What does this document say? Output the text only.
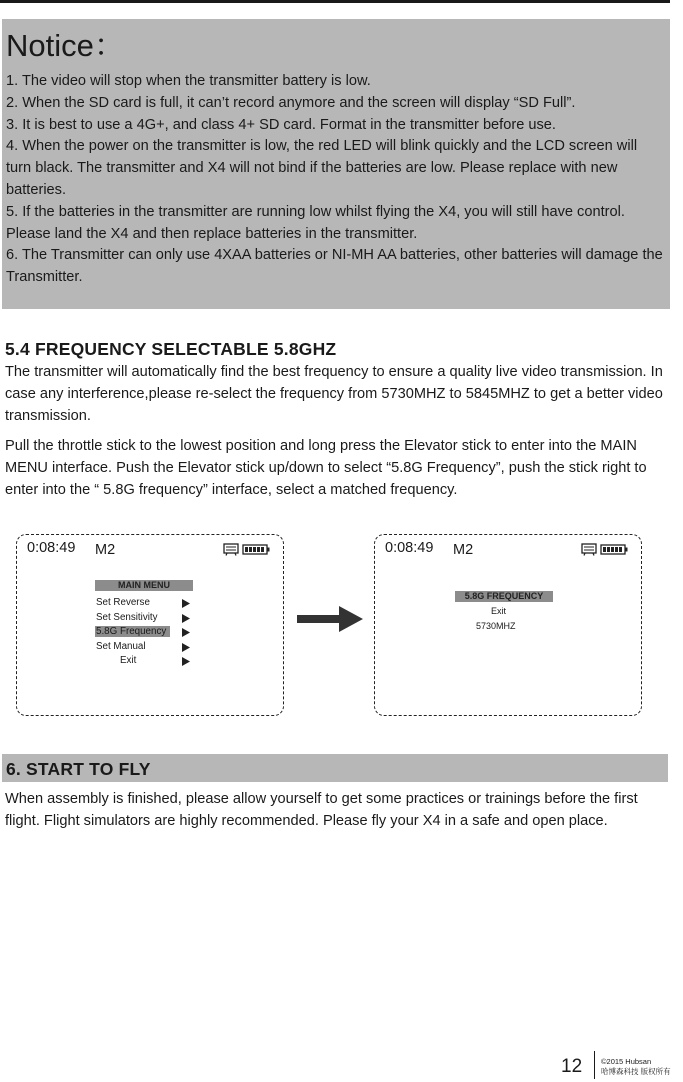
Notice：
1. The video will stop when the transmitter battery is low.
2. When the SD card is full, it can’t record anymore and the screen will display “SD Full”.
3. It is best to use a 4G+, and class 4+ SD card. Format in the transmitter before use.
4. When the power on the transmitter is low, the red LED will blink quickly and the LCD screen will turn black. The transmitter and X4 will not bind if the batteries are low. Please replace with new batteries.
5. If the batteries in the transmitter are running low whilst flying the X4, you will still have control. Please land the X4 and then replace batteries in the transmitter.
6. The Transmitter can only use 4XAA batteries or NI-MH AA batteries, other batteries will damage the Transmitter.
5.4 FREQUENCY SELECTABLE 5.8GHZ

The transmitter will automatically find the best frequency to ensure a quality live video transmission. In case any interference,please re-select the frequency from 5730MHZ to 5845MHZ to get a better video transmission.

Pull the throttle stick to the lowest position and long press the Elevator stick to enter into the MAIN MENU interface. Push the Elevator stick up/down to select “5.8G Frequency”, push the stick right to enter into the “ 5.8G frequency” interface, select a matched frequency.

0:08:49 M2
MAIN MENU
Set Reverse
Set Sensitivity
5.8G Frequency
Set Manual
Exit
0:08:49 M2
5.8G FREQUENCY
Exit
5730MHZ
6. START TO FLY

When assembly is finished, please allow yourself to get some practices or trainings before the first flight. Flight simulators are highly recommended. Please fly your X4 in a safe and open place.

12	©2015 Hubsan
哈博森科技 版权所有
